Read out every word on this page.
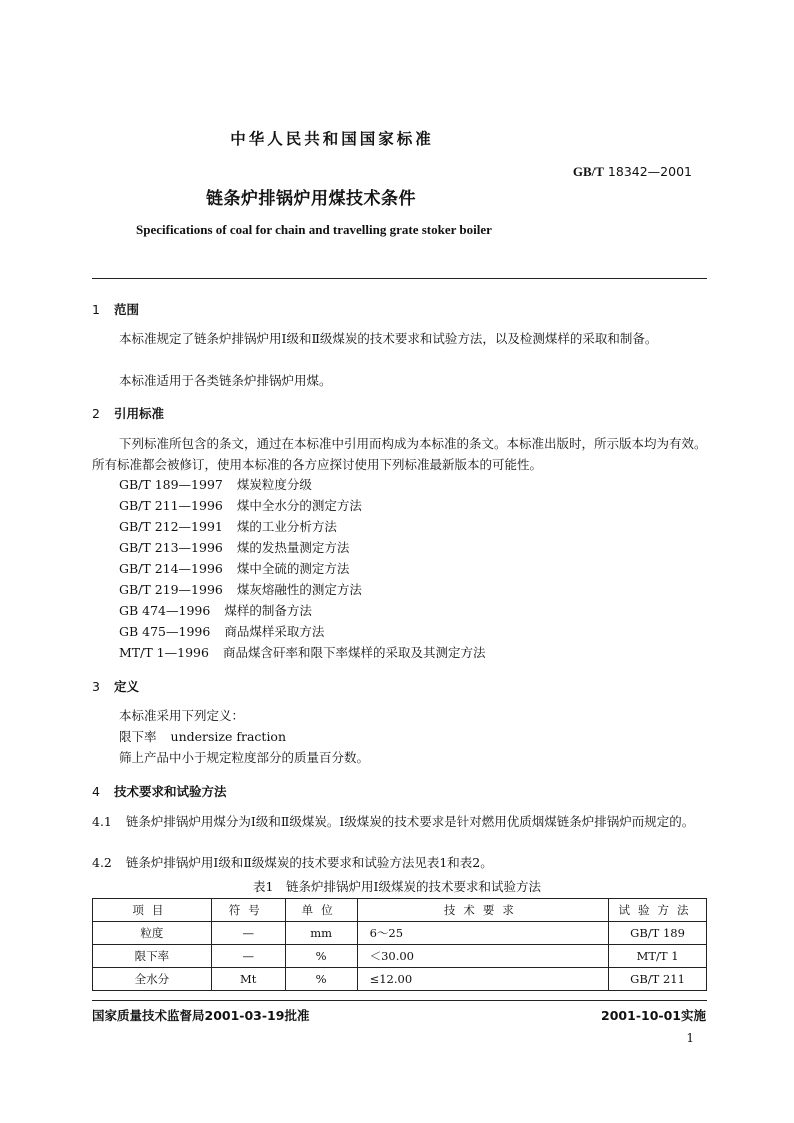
中华人民共和国国家标准
GB/T 18342—2001
链条炉排锅炉用煤技术条件
Specifications of coal for chain and travelling grate stoker boiler
1 范围
本标准规定了链条炉排锅炉用Ⅰ级和Ⅱ级煤炭的技术要求和试验方法，以及检测煤样的采取和制备。
本标准适用于各类链条炉排锅炉用煤。
2 引用标准
下列标准所包含的条文，通过在本标准中引用而构成为本标准的条文。本标准出版时，所示版本均为有效。所有标准都会被修订，使用本标准的各方应探讨使用下列标准最新版本的可能性。
GB/T 189—1997 煤炭粒度分级
GB/T 211—1996 煤中全水分的测定方法
GB/T 212—1991 煤的工业分析方法
GB/T 213—1996 煤的发热量测定方法
GB/T 214—1996 煤中全硫的测定方法
GB/T 219—1996 煤灰熔融性的测定方法
GB 474—1996 煤样的制备方法
GB 475—1996 商品煤样采取方法
MT/T 1—1996 商品煤含矸率和限下率煤样的采取及其测定方法
3 定义
本标准采用下列定义：
限下率 undersize fraction
筛上产品中小于规定粒度部分的质量百分数。
4 技术要求和试验方法
4.1 链条炉排锅炉用煤分为Ⅰ级和Ⅱ级煤炭。Ⅰ级煤炭的技术要求是针对燃用优质烟煤链条炉排锅炉而规定的。
4.2 链条炉排锅炉用Ⅰ级和Ⅱ级煤炭的技术要求和试验方法见表1和表2。
表1　链条炉排锅炉用Ⅰ级煤炭的技术要求和试验方法
项目	符号	单位	技术要求	试验方法
粒度	—	mm	6～25	GB/T 189
限下率	—	%	＜30.00	MT/T 1
全水分	Mt	%	≤12.00	GB/T 211
国家质量技术监督局2001-03-19批准	2001-10-01实施
1
